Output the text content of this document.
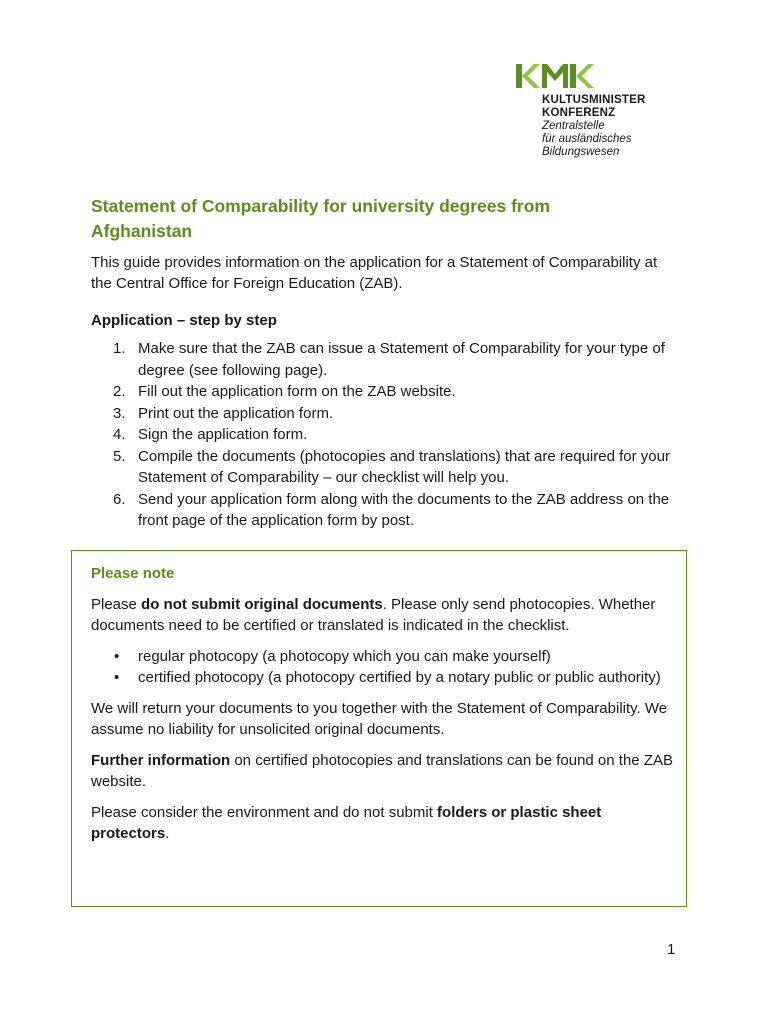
KULTUSMINISTER
KONFERENZ
Zentralstelle
für ausländisches
Bildungswesen
Statement of Comparability for university degrees from Afghanistan

This guide provides information on the application for a Statement of Comparability at the Central Office for Foreign Education (ZAB).

Application – step by step

1. Make sure that the ZAB can issue a Statement of Comparability for your type of degree (see following page).
2. Fill out the application form on the ZAB website.
3. Print out the application form.
4. Sign the application form.
5. Compile the documents (photocopies and translations) that are required for your Statement of Comparability – our checklist will help you.
6. Send your application form along with the documents to the ZAB address on the front page of the application form by post.

Please note

Please do not submit original documents. Please only send photocopies. Whether documents need to be certified or translated is indicated in the checklist.

• regular photocopy (a photocopy which you can make yourself)
• certified photocopy (a photocopy certified by a notary public or public authority)

We will return your documents to you together with the Statement of Comparability. We assume no liability for unsolicited original documents.

Further information on certified photocopies and translations can be found on the ZAB website.

Please consider the environment and do not submit folders or plastic sheet protectors.

1
